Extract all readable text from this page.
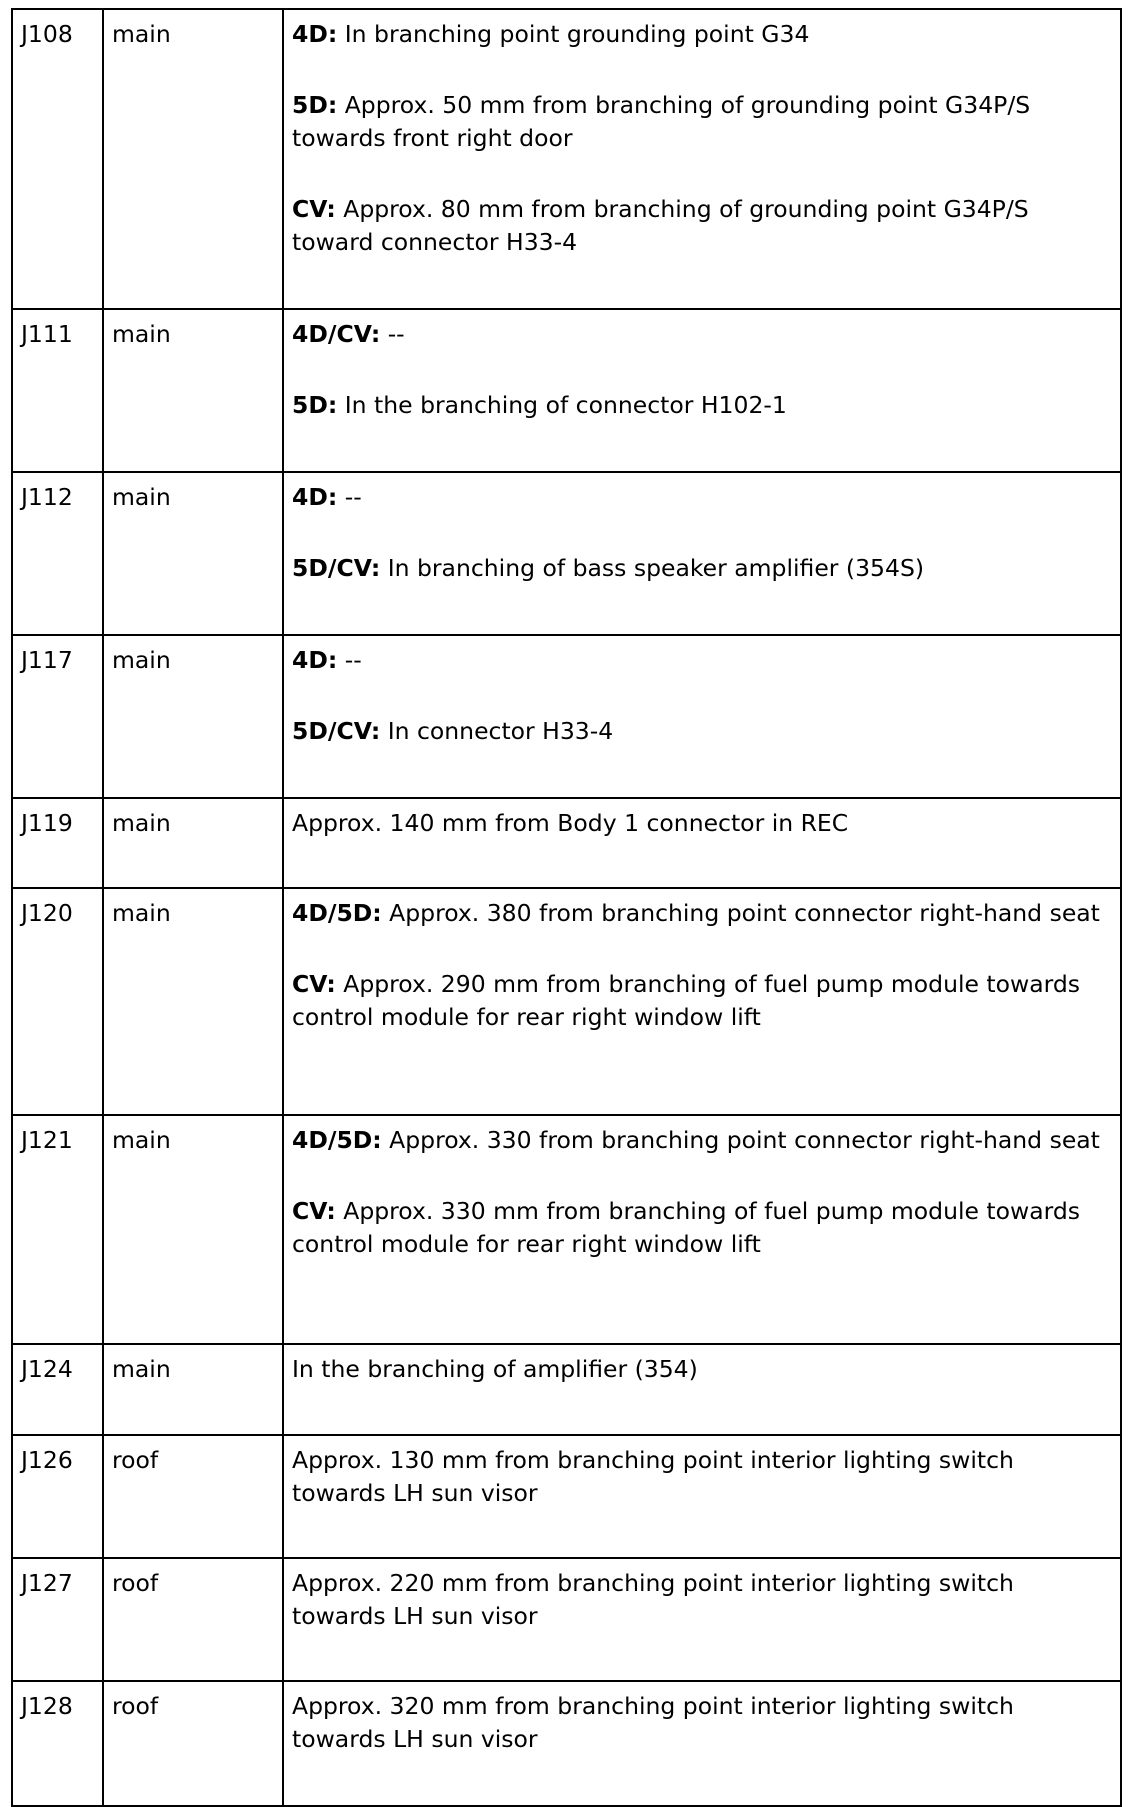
J108	main	4D: In branching point grounding point G34

5D: Approx. 50 mm from branching of grounding point G34P/S towards front right door

CV: Approx. 80 mm from branching of grounding point G34P/S toward connector H33-4

J111	main	4D/CV: --

5D: In the branching of connector H102-1

J112	main	4D: --

5D/CV: In branching of bass speaker amplifier (354S)

J117	main	4D: --

5D/CV: In connector H33-4

J119	main	Approx. 140 mm from Body 1 connector in REC

J120	main	4D/5D: Approx. 380 from branching point connector right-hand seat

CV: Approx. 290 mm from branching of fuel pump module towards control module for rear right window lift

J121	main	4D/5D: Approx. 330 from branching point connector right-hand seat

CV: Approx. 330 mm from branching of fuel pump module towards control module for rear right window lift

J124	main	In the branching of amplifier (354)

J126	roof	Approx. 130 mm from branching point interior lighting switch towards LH sun visor

J127	roof	Approx. 220 mm from branching point interior lighting switch towards LH sun visor

J128	roof	Approx. 320 mm from branching point interior lighting switch towards LH sun visor
